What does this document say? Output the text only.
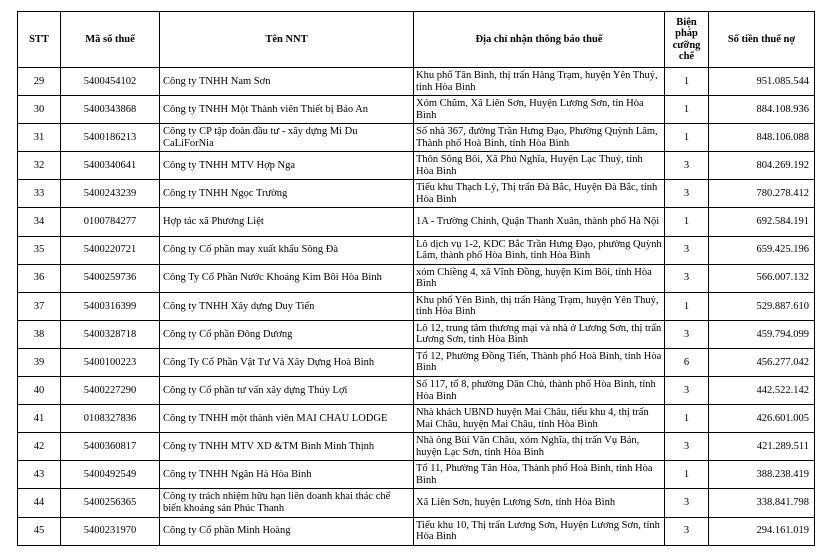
STT	Mã số thuế	Tên NNT	Địa chỉ nhận thông báo thuế	Biện pháp cưỡng chế	Số tiền thuế nợ
29	5400454102	Công ty TNHH Nam Sơn	Khu phố Tân Bình, thị trấn Hàng Trạm, huyện Yên Thuỷ, tỉnh Hòa Bình	1	951.085.544
30	5400343868	Công ty TNHH Một Thành viên Thiết bị Bảo An	Xóm Chũm, Xã Liên Sơn, Huyện Lương Sơn, tỉn Hòa Bình	1	884.108.936
31	5400186213	Công ty CP tập đoàn đầu tư - xây dựng Mi Du CaLiForNia	Số nhà 367, đường Trần Hưng Đạo, Phường Quỳnh Lâm, Thành phố Hoà Bình, tỉnh Hòa Bình	1	848.106.088
32	5400340641	Công ty TNHH MTV Hợp Nga	Thôn Sông Bôi, Xã Phú Nghĩa, Huyện Lạc Thuỷ, tỉnh Hòa Bình	3	804.269.192
33	5400243239	Công ty TNHH Ngọc Trường	Tiểu khu Thạch Lý, Thị trấn Đà Bắc, Huyện Đà Bắc, tỉnh Hòa Bình	3	780.278.412
34	0100784277	Hợp tác xã Phương Liệt	1A - Trường Chinh, Quận Thanh Xuân, thành phố Hà Nội	1	692.584.191
35	5400220721	Công ty Cổ phần may xuất khẩu Sông Đà	Lô dịch vụ 1-2, KDC Bắc Trần Hưng Đạo, phường Quỳnh Lâm, thành phố Hòa Bình, tỉnh Hòa Bình	3	659.425.196
36	5400259736	Công Ty Cổ Phần Nước Khoáng Kim Bôi Hòa Bình	xóm Chiềng 4, xã Vĩnh Đồng, huyện Kim Bôi, tỉnh Hòa Bình	3	566.007.132
37	5400316399	Công ty TNHH Xây dựng Duy Tiến	Khu phố Yên Bình, thị trấn Hàng Trạm, huyện Yên Thuỷ, tỉnh Hòa Bình	1	529.887.610
38	5400328718	Công ty Cổ phần Đông Dương	Lô 12, trung tâm thương mại và nhà ở Lương Sơn, thị trấn Lương Sơn, tỉnh Hòa Bình	3	459.794.099
39	5400100223	Công Ty Cổ Phần Vật Tư Và Xây Dựng Hoà Bình	Tổ 12, Phường Đồng Tiến, Thành phố Hoà Bình, tỉnh Hòa Bình	6	456.277.042
40	5400227290	Công ty Cổ phần tư vấn xây dựng Thủy Lợi	Số 117, tổ 8, phường Dân Chủ, thành phố Hòa Bình, tỉnh Hòa Bình	3	442.522.142
41	0108327836	Công ty TNHH một thành viên MAI CHAU LODGE	Nhà khách UBND huyện Mai Châu, tiểu khu 4, thị trấn Mai Châu, huyện Mai Châu, tỉnh Hòa Bình	1	426.601.005
42	5400360817	Công ty TNHH MTV XD &TM Bình Minh Thịnh	Nhà ông Bùi Văn Châu, xóm Nghĩa, thị trấn Vụ Bản, huyện Lạc Sơn, tỉnh Hòa Bình	3	421.289.511
43	5400492549	Công ty TNHH Ngân Hà Hòa Bình	Tổ 11, Phường Tân Hòa, Thành phố Hoà Bình, tỉnh Hòa Bình	1	388.238.419
44	5400256365	Công ty trách nhiệm hữu hạn liên doanh khai thác chế biến khoáng sản Phúc Thanh	Xã Liên Sơn, huyện Lương Sơn, tỉnh Hòa Bình	3	338.841.798
45	5400231970	Công ty Cổ phần Minh Hoàng	Tiểu khu 10, Thị trấn Lương Sơn, Huyện Lương Sơn, tỉnh Hòa Bình	3	294.161.019
